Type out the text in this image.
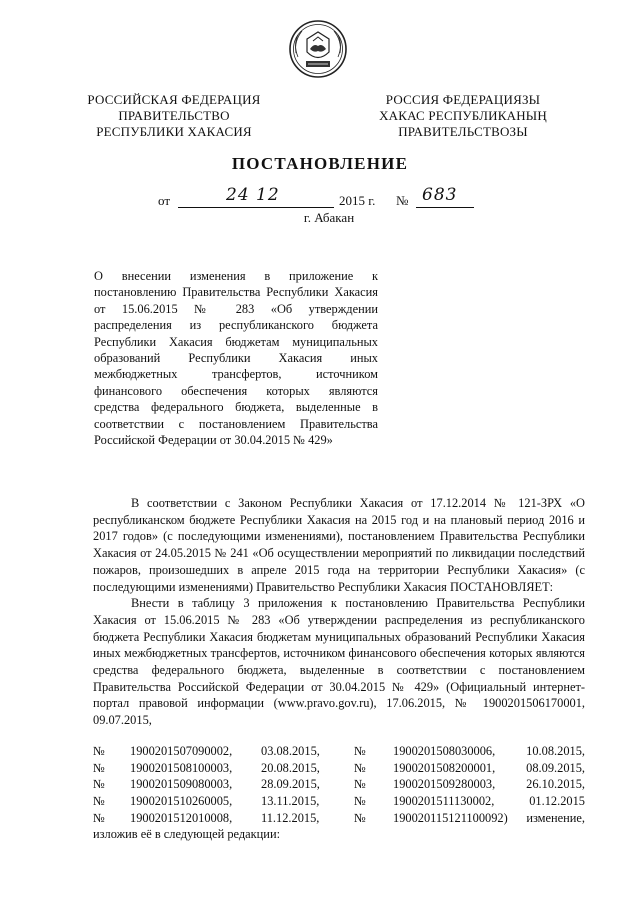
РОССИЙСКАЯ ФЕДЕРАЦИЯ
ПРАВИТЕЛЬСТВО
РЕСПУБЛИКИ ХАКАСИЯ
РОССИЯ ФЕДЕРАЦИЯЗЫ
ХАКАС РЕСПУБЛИКАНЫҢ
ПРАВИТЕЛЬСТВОЗЫ
ПОСТАНОВЛЕНИЕ
от	24 12	2015 г. № 683
г. Абакан
О внесении изменения в приложение к постановлению Правительства Республики Хакасия от 15.06.2015 № 283 «Об утверждении распределения из республиканского бюджета Республики Хакасия бюджетам муниципальных образований Республики Хакасия иных межбюджетных трансфертов, источником финансового обеспечения которых являются средства федерального бюджета, выделенные в соответствии с постановлением Правительства Российской Федерации от 30.04.2015 № 429»

В соответствии с Законом Республики Хакасия от 17.12.2014 № 121-ЗРХ «О республиканском бюджете Республики Хакасия на 2015 год и на плановый период 2016 и 2017 годов» (с последующими изменениями), постановлением Правительства Республики Хакасия от 24.05.2015 № 241 «Об осуществлении мероприятий по ликвидации последствий пожаров, произошедших в апреле 2015 года на территории Республики Хакасия» (с последующими изменениями) Правительство Республики Хакасия ПОСТАНОВЛЯЕТ:

Внести в таблицу 3 приложения к постановлению Правительства Республики Хакасия от 15.06.2015 № 283 «Об утверждении распределения из республиканского бюджета Республики Хакасия бюджетам муниципальных образований Республики Хакасия иных межбюджетных трансфертов, источником финансового обеспечения которых являются средства федерального бюджета, выделенные в соответствии с постановлением Правительства Российской Федерации от 30.04.2015 № 429» (Официальный интернет-портал правовой информации (www.pravo.gov.ru), 17.06.2015, № 1900201506170001, 09.07.2015,

№ 1900201507090002, 03.08.2015,	№ 1900201508030006, 10.08.2015,
№ 1900201508100003, 20.08.2015,	№ 1900201508200001, 08.09.2015,
№ 1900201509080003, 28.09.2015,	№ 1900201509280003, 26.10.2015,
№ 1900201510260005, 13.11.2015,	№ 1900201511130002,	01.12.2015
№ 1900201512010008, 11.12.2015,	№ 190020115121100092) изменение,
изложив её в следующей редакции:
